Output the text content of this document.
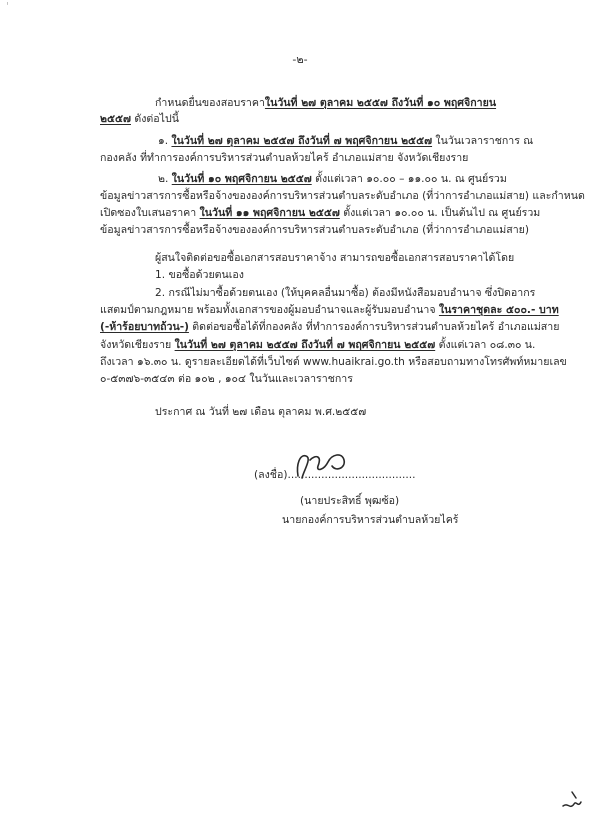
'
-๒-
กำหนดยื่นของสอบราคาในวันที่ ๒๗ ตุลาคม ๒๕๕๗ ถึงวันที่ ๑๐ พฤศจิกายน
๒๕๕๗ ดังต่อไปนี้
๑. ในวันที่ ๒๗ ตุลาคม ๒๕๕๗ ถึงวันที่ ๗ พฤศจิกายน ๒๕๕๗ ในวันเวลาราชการ ณ
กองคลัง ที่ทำการองค์การบริหารส่วนตำบลห้วยไคร้ อำเภอแม่สาย จังหวัดเชียงราย
๒. ในวันที่ ๑๐ พฤศจิกายน ๒๕๕๗ ตั้งแต่เวลา ๑๐.๐๐ – ๑๑.๐๐ น. ณ ศูนย์รวม
ข้อมูลข่าวสารการซื้อหรือจ้างขององค์การบริหารส่วนตำบลระดับอำเภอ (ที่ว่าการอำเภอแม่สาย) และกำหนด
เปิดซองใบเสนอราคา ในวันที่ ๑๑ พฤศจิกายน ๒๕๕๗ ตั้งแต่เวลา ๑๐.๐๐ น. เป็นต้นไป ณ ศูนย์รวม
ข้อมูลข่าวสารการซื้อหรือจ้างขององค์การบริหารส่วนตำบลระดับอำเภอ (ที่ว่าการอำเภอแม่สาย)
ผู้สนใจติดต่อขอซื้อเอกสารสอบราคาจ้าง สามารถขอซื้อเอกสารสอบราคาได้โดย
1. ขอซื้อด้วยตนเอง
2. กรณีไม่มาซื้อด้วยตนเอง (ให้บุคคลอื่นมาซื้อ) ต้องมีหนังสือมอบอำนาจ ซึ่งปิดอากร
แสตมป์ตามกฎหมาย พร้อมทั้งเอกสารของผู้มอบอำนาจและผู้รับมอบอำนาจ ในราคาชุดละ ๕๐๐.- บาท
(-ห้าร้อยบาทถ้วน-) ติดต่อขอซื้อได้ที่กองคลัง ที่ทำการองค์การบริหารส่วนตำบลห้วยไคร้ อำเภอแม่สาย
จังหวัดเชียงราย ในวันที่ ๒๗ ตุลาคม ๒๕๕๗ ถึงวันที่ ๗ พฤศจิกายน ๒๕๕๗ ตั้งแต่เวลา ๐๘.๓๐ น.
ถึงเวลา ๑๖.๓๐ น. ดูรายละเอียดได้ที่เว็บไซต์ www.huaikrai.go.th หรือสอบถามทางโทรศัพท์หมายเลข
๐-๕๓๗๖-๓๕๔๓ ต่อ ๑๐๒ , ๑๐๔ ในวันและเวลาราชการ
ประกาศ ณ วันที่ ๒๗ เดือน ตุลาคม พ.ศ.๒๕๕๗
(ลงชื่อ)......................................
(นายประสิทธิ์ พุฒซ้อ)
นายกองค์การบริหารส่วนตำบลห้วยไคร้
